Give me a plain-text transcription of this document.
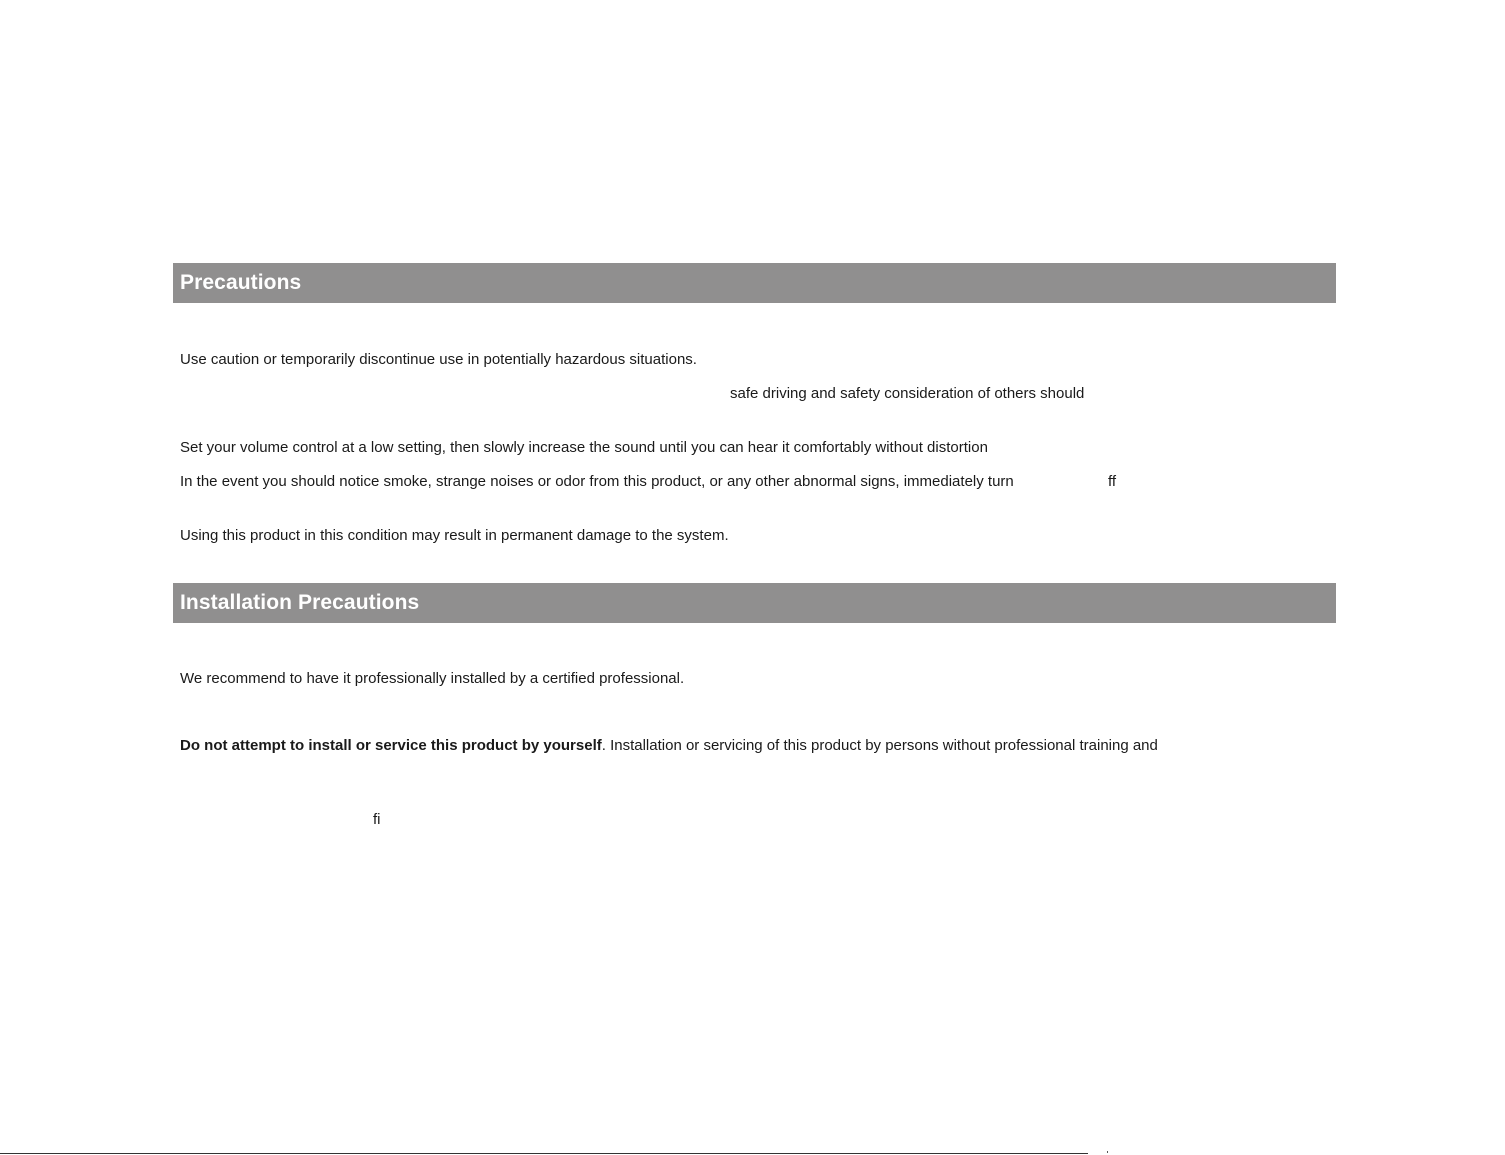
Precautions
Use caution or temporarily discontinue use in potentially hazardous situations.
safe driving and safety consideration of others should
Set your volume control at a low setting, then slowly increase the sound until you can hear it comfortably without distortion
In the event you should notice smoke, strange noises or odor from this product, or any other abnormal signs, immediately turn	ff
Using this product in this condition may result in permanent damage to the system.
Installation Precautions
We recommend to have it professionally installed by a certified professional.
Do not attempt to install or service this product by yourself. Installation or servicing of this product by persons without professional training and
fi
